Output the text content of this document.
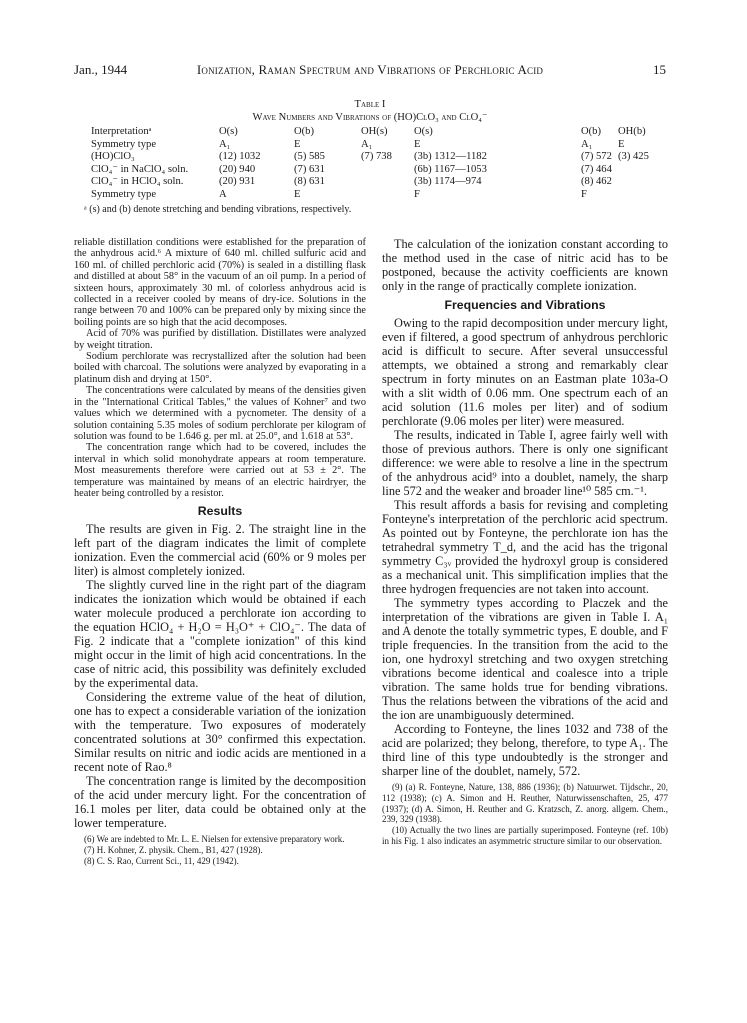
Jan., 1944	Ionization, Raman Spectrum and Vibrations of Perchloric Acid	15
Table I
Wave Numbers and Vibrations of (HO)ClO₃ and ClO₄⁻
Interpretationᵃ	O(s)	O(b)	OH(s)	O(s)		O(b)	OH(b)
Symmetry type	A₁	E	A₁	E		A₁	E
(HO)ClO₃	(12) 1032	(5) 585	(7) 738	(3b) 1312—1182		(7) 572	(3) 425
ClO₄⁻ in NaClO₄ soln.	(20) 940	(7) 631		(6b) 1167—1053		(7) 464	
ClO₄⁻ in HClO₄ soln.	(20) 931	(8) 631		(3b) 1174—974		(8) 462	
Symmetry type	A	E		F		F	
ᵃ (s) and (b) denote stretching and bending vibrations, respectively.

reliable distillation conditions were established for the preparation of the anhydrous acid.⁶ A mixture of 640 ml. chilled sulfuric acid and 160 ml. of chilled perchloric acid (70%) is sealed in a distilling flask and distilled at about 58° in the vacuum of an oil pump. In a period of sixteen hours, approximately 30 ml. of colorless anhydrous acid is collected in a receiver cooled by means of dry-ice. Solutions in the range between 70 and 100% can be prepared only by mixing since the boiling points are so high that the acid decomposes.

Acid of 70% was purified by distillation. Distillates were analyzed by weight titration.

Sodium perchlorate was recrystallized after the solution had been boiled with charcoal. The solutions were analyzed by evaporating in a platinum dish and drying at 150°.

The concentrations were calculated by means of the densities given in the "International Critical Tables," the values of Kohner⁷ and two values which we determined with a pycnometer. The density of a solution containing 5.35 moles of sodium perchlorate per kilogram of solution was found to be 1.646 g. per ml. at 25.0°, and 1.618 at 53°.

The concentration range which had to be covered, includes the interval in which solid monohydrate appears at room temperature. Most measurements therefore were carried out at 53 ± 2°. The temperature was maintained by means of an electric hairdryer, the heater being controlled by a resistor.

Results

The results are given in Fig. 2. The straight line in the left part of the diagram indicates the limit of complete ionization. Even the commercial acid (60% or 9 moles per liter) is almost completely ionized.

The slightly curved line in the right part of the diagram indicates the ionization which would be obtained if each water molecule produced a perchlorate ion according to the equation HClO₄ + H₂O = H₃O⁺ + ClO₄⁻. The data of Fig. 2 indicate that a "complete ionization" of this kind might occur in the limit of high acid concentrations. In the case of nitric acid, this possibility was definitely excluded by the experimental data.

Considering the extreme value of the heat of dilution, one has to expect a considerable variation of the ionization with the temperature. Two exposures of moderately concentrated solutions at 30° confirmed this expectation. Similar results on nitric and iodic acids are mentioned in a recent note of Rao.⁸

The concentration range is limited by the decomposition of the acid under mercury light. For the concentration of 16.1 moles per liter, data could be obtained only at the lower temperature.

(6) We are indebted to Mr. L. E. Nielsen for extensive preparatory work.

(7) H. Kohner, Z. physik. Chem., B1, 427 (1928).

(8) C. S. Rao, Current Sci., 11, 429 (1942).

The calculation of the ionization constant according to the method used in the case of nitric acid has to be postponed, because the activity coefficients are known only in the range of practically complete ionization.

Frequencies and Vibrations

Owing to the rapid decomposition under mercury light, even if filtered, a good spectrum of anhydrous perchloric acid is difficult to secure. After several unsuccessful attempts, we obtained a strong and remarkably clear spectrum in forty minutes on an Eastman plate 103a-O with a slit width of 0.06 mm. One spectrum each of an acid solution (11.6 moles per liter) and of sodium perchlorate (9.06 moles per liter) were measured.

The results, indicated in Table I, agree fairly well with those of previous authors. There is only one significant difference: we were able to resolve a line in the spectrum of the anhydrous acid⁹ into a doublet, namely, the sharp line 572 and the weaker and broader line¹⁰ 585 cm.⁻¹.

This result affords a basis for revising and completing Fonteyne's interpretation of the perchloric acid spectrum. As pointed out by Fonteyne, the perchlorate ion has the tetrahedral symmetry T_d, and the acid has the trigonal symmetry C₃ᵥ provided the hydroxyl group is considered as a mechanical unit. This simplification implies that the three hydrogen frequencies are not taken into account.

The symmetry types according to Placzek and the interpretation of the vibrations are given in Table I. A₁ and A denote the totally symmetric types, E double, and F triple frequencies. In the transition from the acid to the ion, one hydroxyl stretching and two oxygen stretching vibrations become identical and coalesce into a triple vibration. The same holds true for bending vibrations. Thus the relations between the vibrations of the acid and the ion are unambiguously determined.

According to Fonteyne, the lines 1032 and 738 of the acid are polarized; they belong, therefore, to type A₁. The third line of this type undoubtedly is the stronger and sharper line of the doublet, namely, 572.

(9) (a) R. Fonteyne, Nature, 138, 886 (1936); (b) Natuurwet. Tijdschr., 20, 112 (1938); (c) A. Simon and H. Reuther, Naturwissenschaften, 25, 477 (1937); (d) A. Simon, H. Reuther and G. Kratzsch, Z. anorg. allgem. Chem., 239, 329 (1938).

(10) Actually the two lines are partially superimposed. Fonteyne (ref. 10b) in his Fig. 1 also indicates an asymmetric structure similar to our observation.
